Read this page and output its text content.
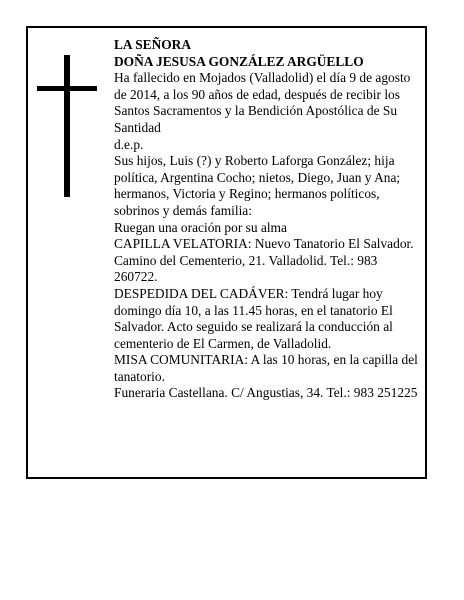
LA SEÑORA

DOÑA JESUSA GONZÁLEZ ARGÜELLO

Ha fallecido en Mojados (Valladolid) el día 9 de agosto de 2014, a los 90 años de edad, después de recibir los Santos Sacramentos y la Bendición Apostólica de Su Santidad

d.e.p.

Sus hijos, Luis (?) y Roberto Laforga González; hija política, Argentina Cocho; nietos, Diego, Juan y Ana; hermanos, Victoria y Regino; hermanos políticos, sobrinos y demás familia:

Ruegan una oración por su alma

CAPILLA VELATORIA: Nuevo Tanatorio El Salvador. Camino del Cementerio, 21. Valladolid. Tel.: 983 260722.

DESPEDIDA DEL CADÁVER: Tendrá lugar hoy domingo día 10, a las 11.45 horas, en el tanatorio El Salvador. Acto seguido se realizará la conducción al cementerio de El Carmen, de Valladolid.

MISA COMUNITARIA: A las 10 horas, en la capilla del tanatorio.

Funeraria Castellana. C/ Angustias, 34. Tel.: 983 251225
